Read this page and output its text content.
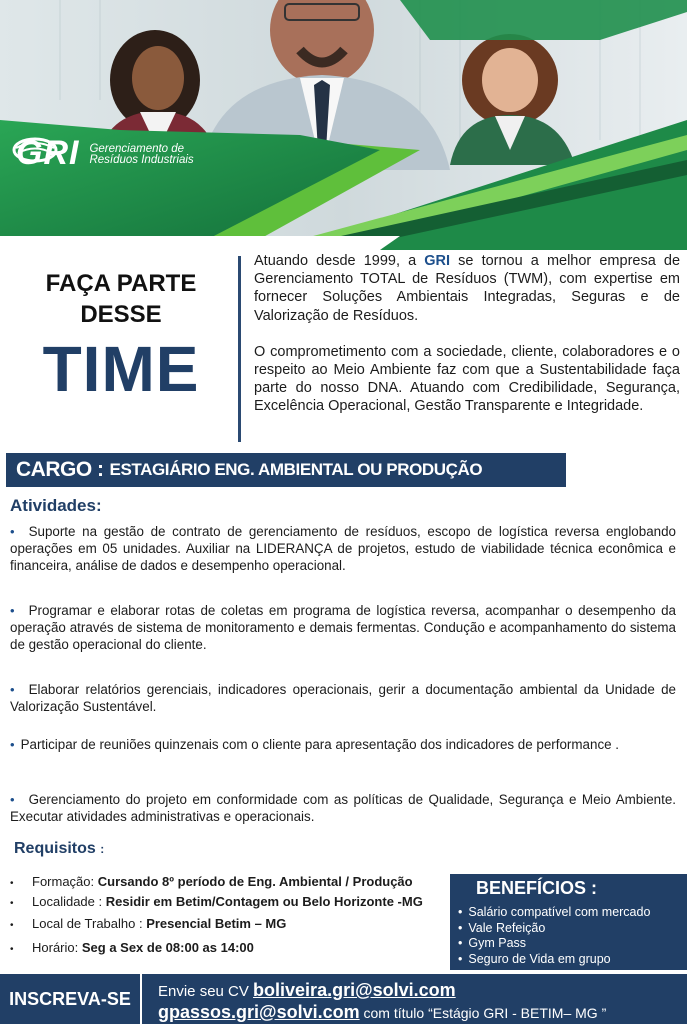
GRI Gerenciamento de
Resíduos Industriais
FAÇA PARTE
DESSE
TIME

Atuando desde 1999, a GRI se tornou a melhor empresa de Gerenciamento TOTAL de Resíduos (TWM), com expertise em fornecer Soluções Ambientais Integradas, Seguras e de Valorização de Resíduos.

O comprometimento com a sociedade, cliente, colaboradores e o respeito ao Meio Ambiente faz com que a Sustentabilidade faça parte do nosso DNA. Atuando com Credibilidade, Segurança, Excelência Operacional, Gestão Transparente e Integridade.

CARGO : ESTAGIÁRIO ENG. AMBIENTAL OU PRODUÇÃO
Atividades:
• Suporte na gestão de contrato de gerenciamento de resíduos, escopo de logística reversa englobando operações em 05 unidades. Auxiliar na LIDERANÇA de projetos, estudo de viabilidade técnica econômica e financeira, análise de dados e desempenho operacional.
• Programar e elaborar rotas de coletas em programa de logística reversa, acompanhar o desempenho da operação através de sistema de monitoramento e demais fermentas. Condução e acompanhamento do sistema de gestão operacional do cliente.
• Elaborar relatórios gerenciais, indicadores operacionais, gerir a documentação ambiental da Unidade de Valorização Sustentável.
• Participar de reuniões quinzenais com o cliente para apresentação dos indicadores de performance .
• Gerenciamento do projeto em conformidade com as políticas de Qualidade, Segurança e Meio Ambiente. Executar atividades administrativas e operacionais.
Requisitos :
• Formação: Cursando 8º período de Eng. Ambiental / Produção
• Localidade : Residir em Betim/Contagem ou Belo Horizonte -MG
• Local de Trabalho : Presencial Betim – MG
• Horário: Seg a Sex de 08:00 as 14:00
BENEFÍCIOS :
• Salário compatível com mercado
• Vale Refeição
• Gym Pass
• Seguro de Vida em grupo
INSCREVA-SE	Envie seu CV boliveira.gri@solvi.com
gpassos.gri@solvi.com com título “Estágio GRI - BETIM– MG ”
